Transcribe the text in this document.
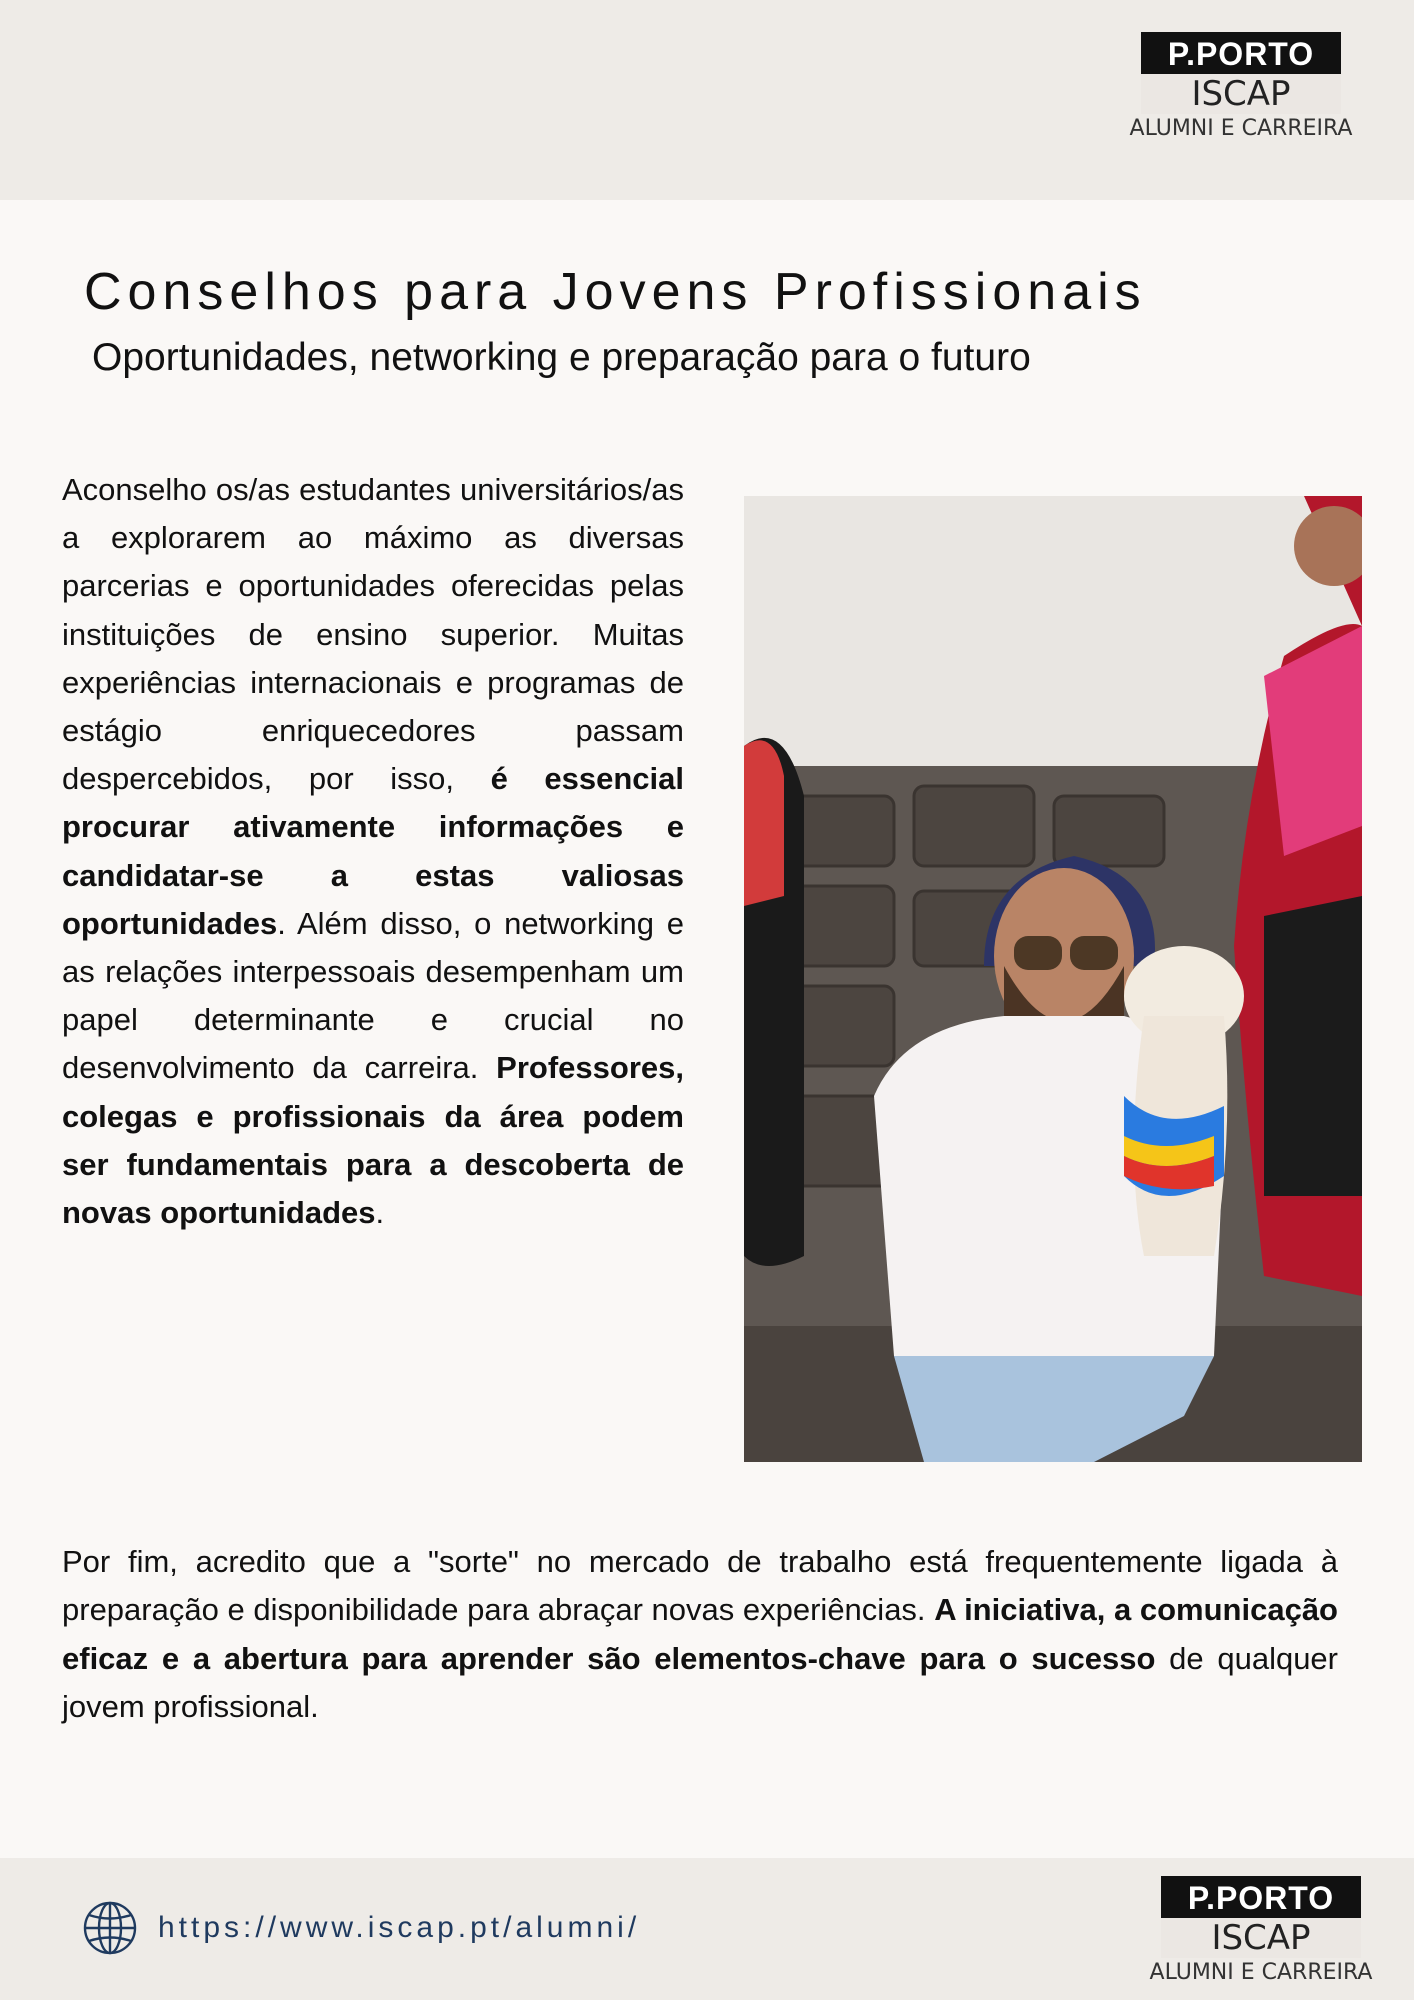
P.PORTO
ISCAP
ALUMNI E CARREIRA
Conselhos para Jovens Profissionais
Oportunidades, networking e preparação para o futuro
Aconselho os/as estudantes universitários/as a explorarem ao máximo as diversas parcerias e oportunidades oferecidas pelas instituições de ensino superior. Muitas experiências internacionais e programas de estágio enriquecedores passam despercebidos, por isso, é essencial procurar ativamente informações e candidatar-se a estas valiosas oportunidades. Além disso, o networking e as relações interpessoais desempenham um papel determinante e crucial no desenvolvimento da carreira. Professores, colegas e profissionais da área podem ser fundamentais para a descoberta de novas oportunidades.
Por fim, acredito que a "sorte" no mercado de trabalho está frequentemente ligada à preparação e disponibilidade para abraçar novas experiências. A iniciativa, a comunicação eficaz e a abertura para aprender são elementos-chave para o sucesso de qualquer jovem profissional.
https://www.iscap.pt/alumni/
P.PORTO
ISCAP
ALUMNI E CARREIRA
